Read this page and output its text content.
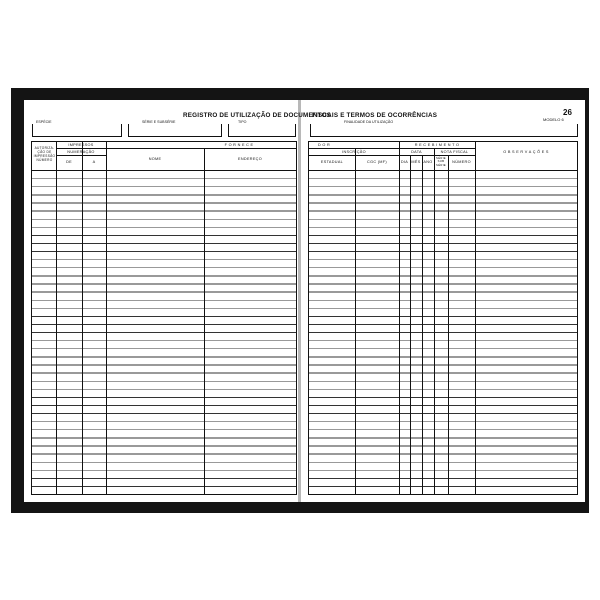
REGISTRO DE UTILIZAÇÃO DE DOCUMENTOS
FISCAIS E TERMOS DE OCORRÊNCIAS	26
MODELO 6
ESPÉCIE	SÉRIE E SUBSÉRIE	TIPO	FINALIDADE DA UTILIZAÇÃO
AUTORIZA-
ÇÃO DE
IMPRESSÃO
NÚMERO
IMPRESSOS
NUMERAÇÃO
DE	A
F O R N E C E
NOME	ENDEREÇO
D O R
INSCRIÇÃO
ESTADUAL	CGC (MF)
R E C E B I M E N T O
DATA
DIA MÊS ANO
NOTA FISCAL
SÉRIE SUB SÉRIE
NÚMERO
O B S E R V A Ç Õ E S
